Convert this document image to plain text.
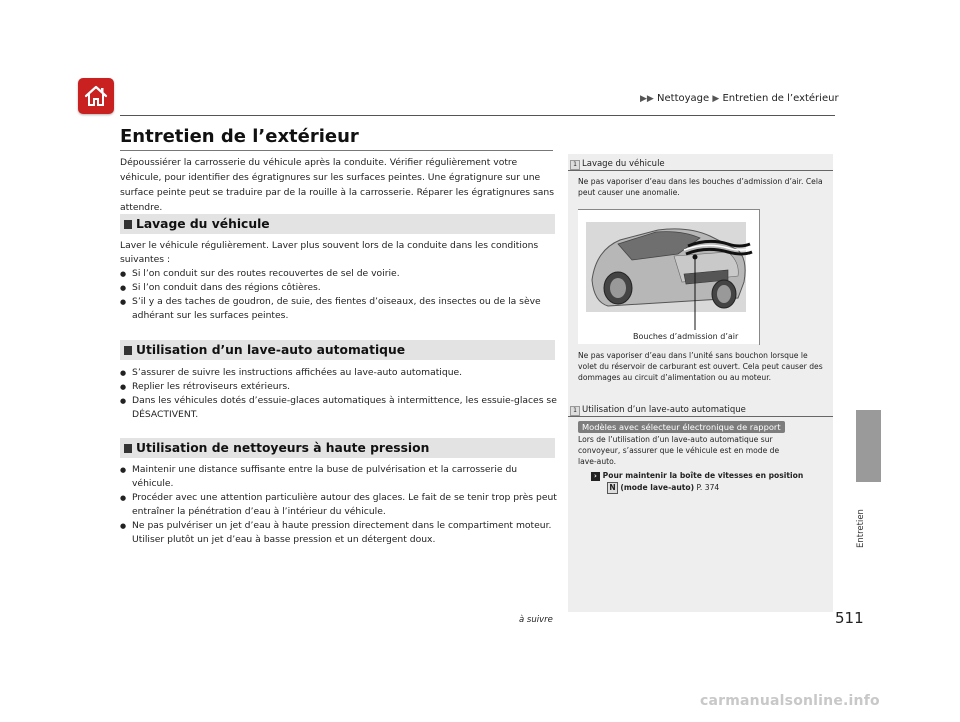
▶▶ Nettoyage ▶ Entretien de l’extérieur
Entretien de l’extérieur
Dépoussiérer la carrosserie du véhicule après la conduite. Vérifier régulièrement votre véhicule, pour identifier des égratignures sur les surfaces peintes. Une égratignure sur une surface peinte peut se traduire par de la rouille à la carrosserie. Réparer les égratignures sans attendre.
Lavage du véhicule
Laver le véhicule régulièrement. Laver plus souvent lors de la conduite dans les conditions suivantes :
● Si l’on conduit sur des routes recouvertes de sel de voirie.
● Si l’on conduit dans des régions côtières.
● S’il y a des taches de goudron, de suie, des fientes d’oiseaux, des insectes ou de la sève adhérant sur les surfaces peintes.
Utilisation d’un lave-auto automatique
● S’assurer de suivre les instructions affichées au lave-auto automatique.
● Replier les rétroviseurs extérieurs.
● Dans les véhicules dotés d’essuie-glaces automatiques à intermittence, les essuie-glaces se DÉSACTIVENT.
Utilisation de nettoyeurs à haute pression
● Maintenir une distance suffisante entre la buse de pulvérisation et la carrosserie du véhicule.
● Procéder avec une attention particulière autour des glaces. Le fait de se tenir trop près peut entraîner la pénétration d’eau à l’intérieur du véhicule.
● Ne pas pulvériser un jet d’eau à haute pression directement dans le compartiment moteur. Utiliser plutôt un jet d’eau à basse pression et un détergent doux.
1 Lavage du véhicule
Ne pas vaporiser d’eau dans les bouches d’admission d’air. Cela peut causer une anomalie.
Bouches d’admission d’air
Ne pas vaporiser d’eau dans l’unité sans bouchon lorsque le volet du réservoir de carburant est ouvert. Cela peut causer des dommages au circuit d’alimentation ou au moteur.
1 Utilisation d’un lave-auto automatique
Modèles avec sélecteur électronique de rapport
Lors de l’utilisation d’un lave-auto automatique sur convoyeur, s’assurer que le véhicule est en mode de lave-auto.
› Pour maintenir la boîte de vitesses en position
N (mode lave-auto) P. 374
Entretien
à suivre	511
carmanualsonline.info
